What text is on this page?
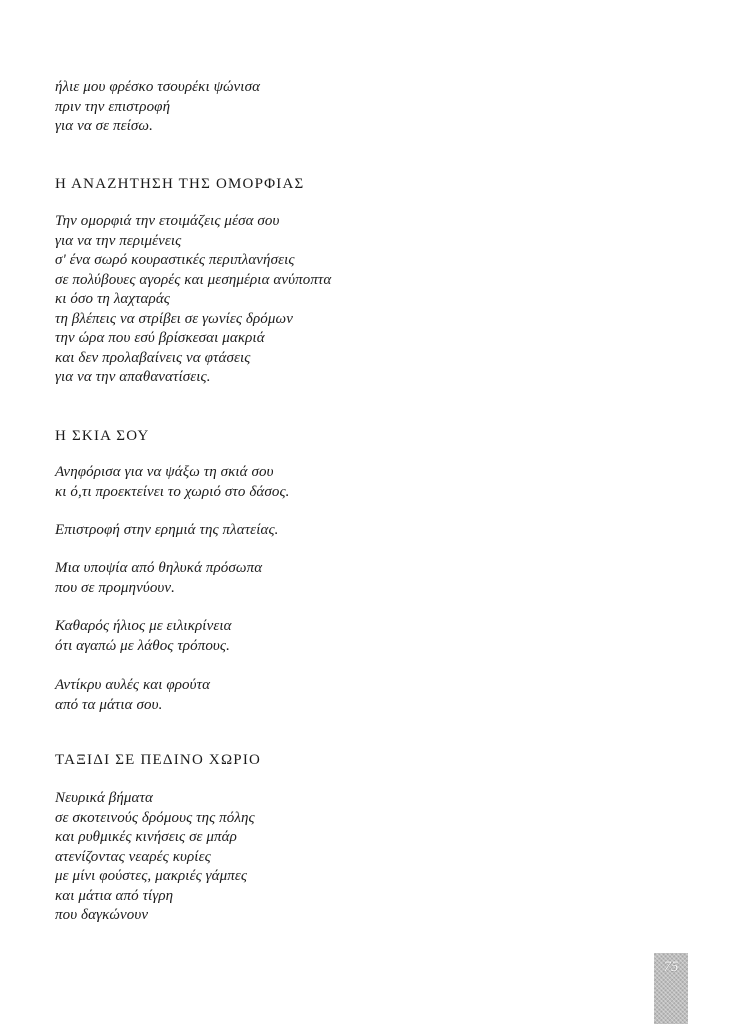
ήλιε μου φρέσκο τσουρέκι ψώνισα
πριν την επιστροφή
για να σε πείσω.
Η ΑΝΑΖΗΤΗΣΗ ΤΗΣ ΟΜΟΡΦΙΑΣ
Την ομορφιά την ετοιμάζεις μέσα σου
για να την περιμένεις
σ' ένα σωρό κουραστικές περιπλανήσεις
σε πολύβουες αγορές και μεσημέρια ανύποπτα
κι όσο τη λαχταράς
τη βλέπεις να στρίβει σε γωνίες δρόμων
την ώρα που εσύ βρίσκεσαι μακριά
και δεν προλαβαίνεις να φτάσεις
για να την απαθανατίσεις.
Η ΣΚΙΑ ΣΟΥ
Ανηφόρισα για να ψάξω τη σκιά σου
κι ό,τι προεκτείνει το χωριό στο δάσος.
Επιστροφή στην ερημιά της πλατείας.
Μια υποψία από θηλυκά πρόσωπα
που σε προμηνύουν.
Καθαρός ήλιος με ειλικρίνεια
ότι αγαπώ με λάθος τρόπους.
Αντίκρυ αυλές και φρούτα
από τα μάτια σου.
ΤΑΞΙΔΙ ΣΕ ΠΕΔΙΝΟ ΧΩΡΙΟ
Νευρικά βήματα
σε σκοτεινούς δρόμους της πόλης
και ρυθμικές κινήσεις σε μπάρ
ατενίζοντας νεαρές κυρίες
με μίνι φούστες, μακριές γάμπες
και μάτια από τίγρη
που δαγκώνουν
75
